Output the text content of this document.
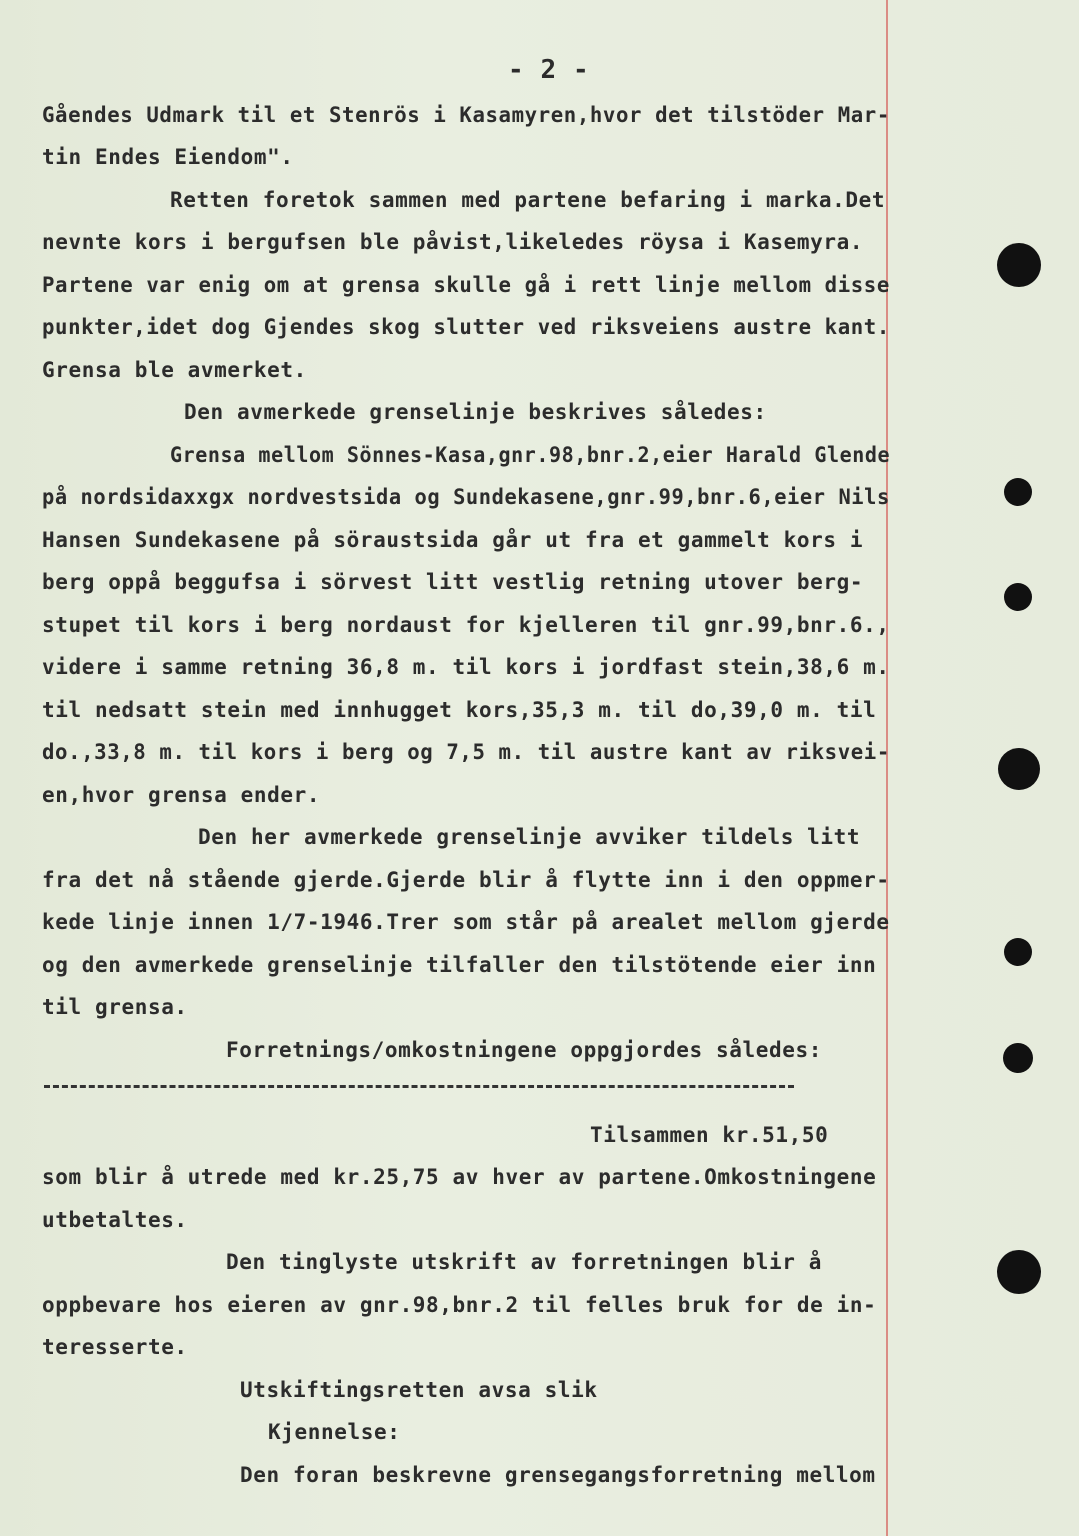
- 2 -
Gåendes Udmark til et Stenrös i Kasamyren,hvor det tilstöder Mar-
tin Endes Eiendom".
Retten foretok sammen med partene befaring i marka.Det
nevnte kors i bergufsen ble påvist,likeledes röysa i Kasemyra.
Partene var enig om at grensa skulle gå i rett linje mellom disse
punkter,idet dog Gjendes skog slutter ved riksveiens austre kant.
Grensa ble avmerket.
Den avmerkede grenselinje beskrives således:
Grensa mellom Sönnes-Kasa,gnr.98,bnr.2,eier Harald Glende
på nordsidaxxgx nordvestsida og Sundekasene,gnr.99,bnr.6,eier Nils
Hansen Sundekasene på söraustsida går ut fra et gammelt kors i
berg oppå beggufsa i sörvest litt vestlig retning utover berg-
stupet til kors i berg nordaust for kjelleren til gnr.99,bnr.6.,
videre i samme retning 36,8 m. til kors i jordfast stein,38,6 m.
til nedsatt stein med innhugget kors,35,3 m. til do,39,0 m. til
do.,33,8 m. til kors i berg og 7,5 m. til austre kant av riksvei-
en,hvor grensa ender.
Den her avmerkede grenselinje avviker tildels litt
fra det nå stående gjerde.Gjerde blir å flytte inn i den oppmer-
kede linje innen 1/7-1946.Trer som står på arealet mellom gjerde
og den avmerkede grenselinje tilfaller den tilstötende eier inn
til grensa.
Forretnings/omkostningene oppgjordes således:
Tilsammen kr.51,50
som blir å utrede med kr.25,75 av hver av partene.Omkostningene
utbetaltes.
Den tinglyste utskrift av forretningen blir å
oppbevare hos eieren av gnr.98,bnr.2 til felles bruk for de in-
teresserte.
Utskiftingsretten avsa slik
Kjennelse:
Den foran beskrevne grensegangsforretning mellom
